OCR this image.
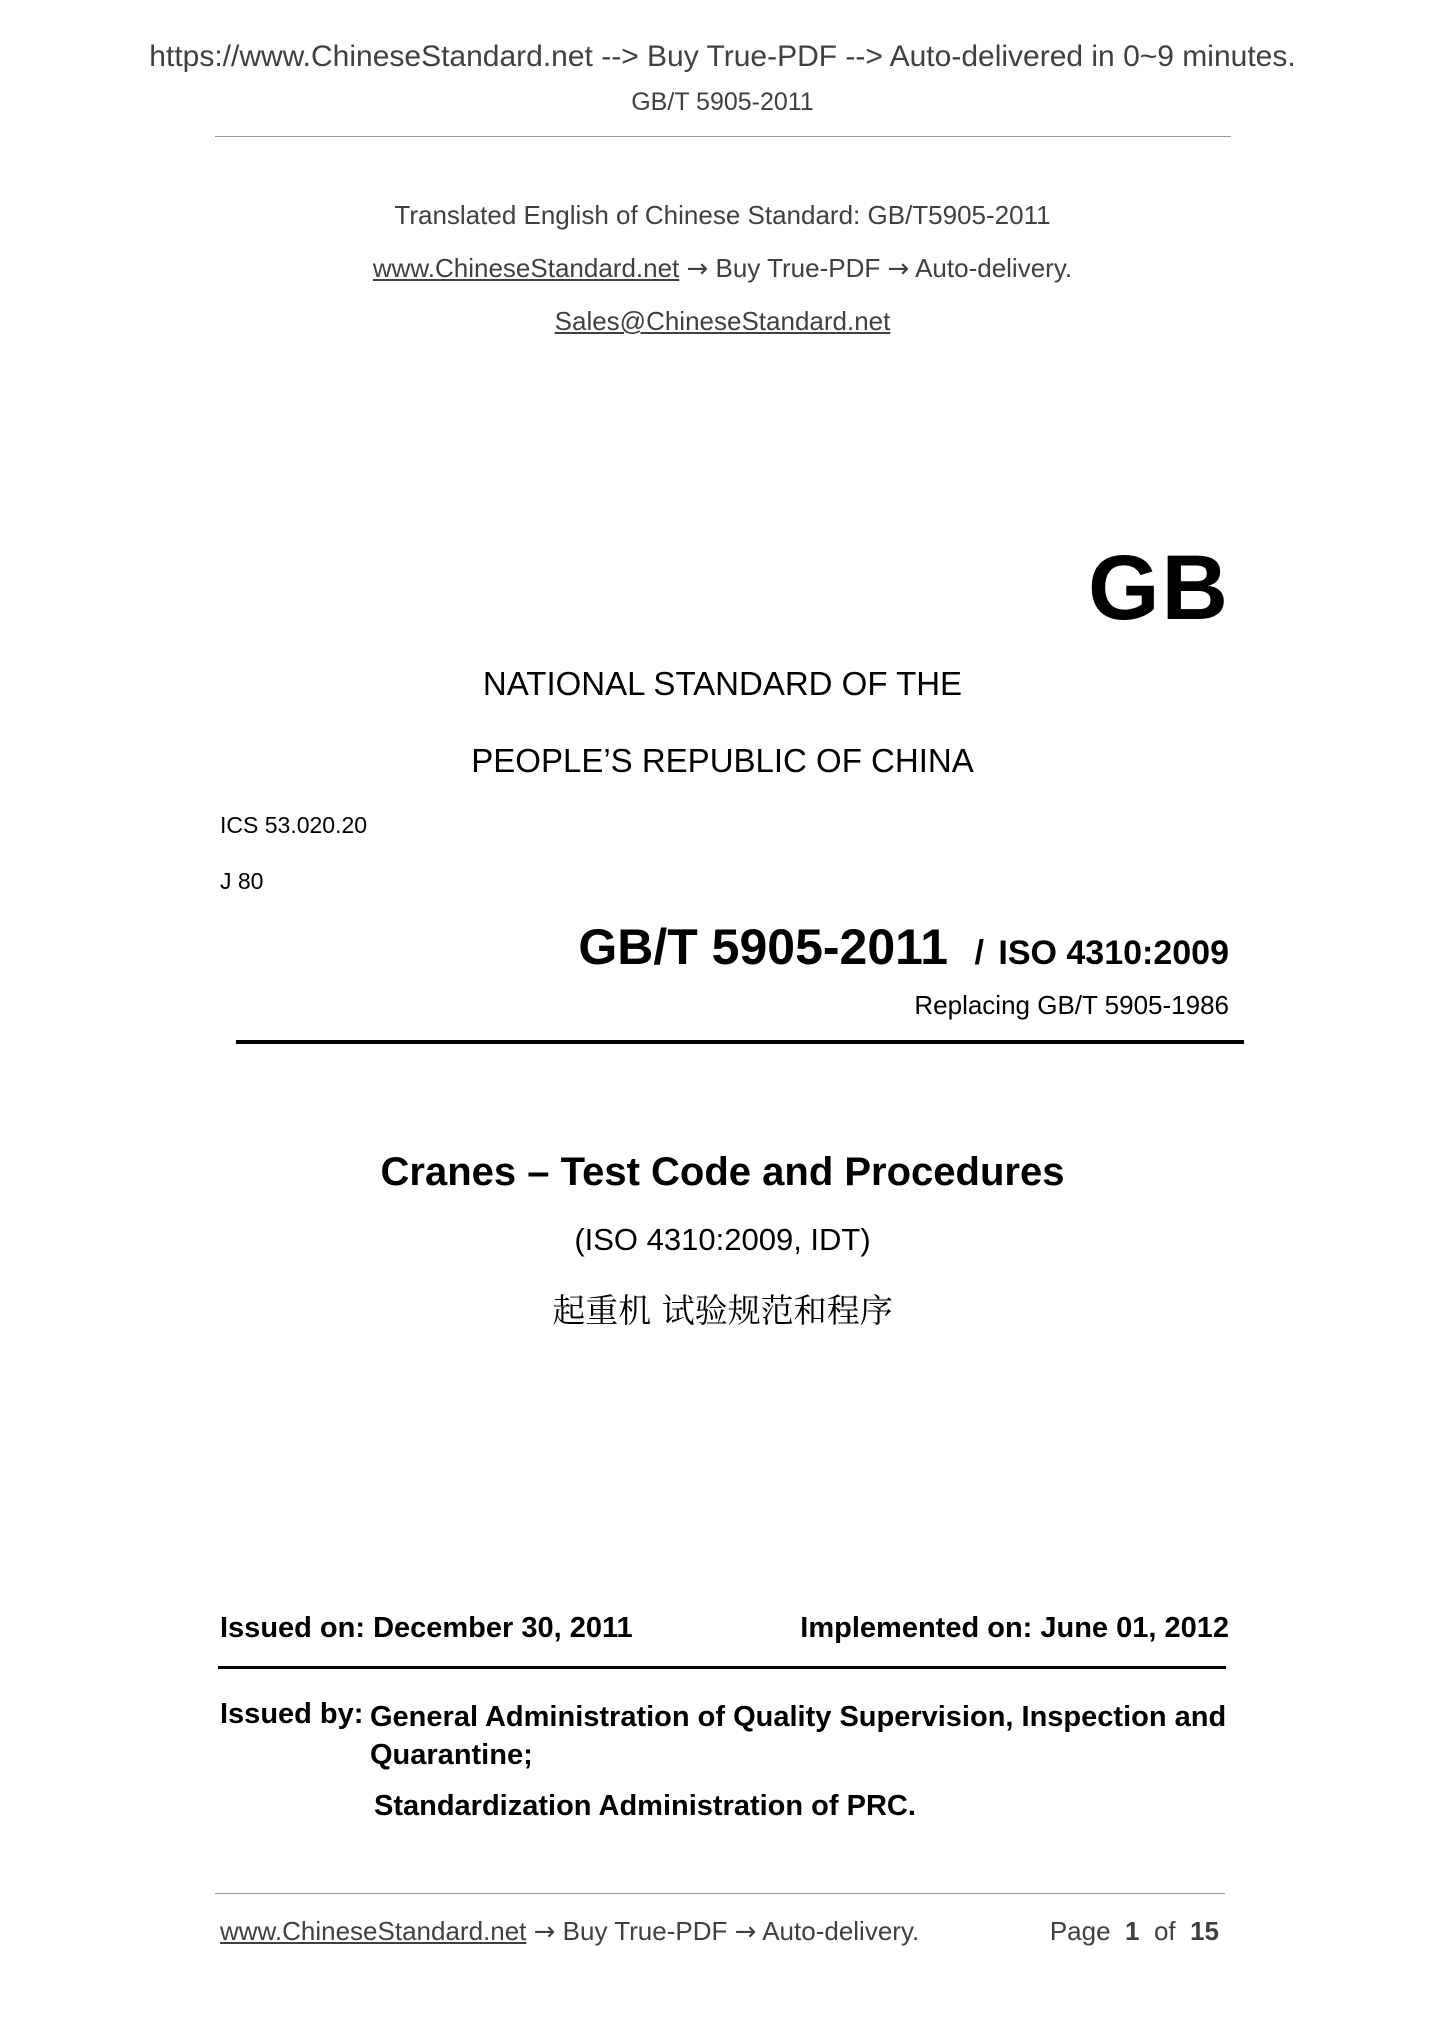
https://www.ChineseStandard.net --> Buy True-PDF --> Auto-delivered in 0~9 minutes.
GB/T 5905-2011
Translated English of Chinese Standard: GB/T5905-2011
www.ChineseStandard.net → Buy True-PDF → Auto-delivery.
Sales@ChineseStandard.net
GB
NATIONAL STANDARD OF THE
PEOPLE’S REPUBLIC OF CHINA
ICS 53.020.20
J 80
GB/T 5905-2011 / ISO 4310:2009
Replacing GB/T 5905-1986
Cranes – Test Code and Procedures
(ISO 4310:2009, IDT)
起重机 试验规范和程序
Issued on: December 30, 2011	Implemented on: June 01, 2012
Issued by: General Administration of Quality Supervision, Inspection and Quarantine;
Standardization Administration of PRC.
www.ChineseStandard.net → Buy True-PDF → Auto-delivery.	Page 1 of 15
